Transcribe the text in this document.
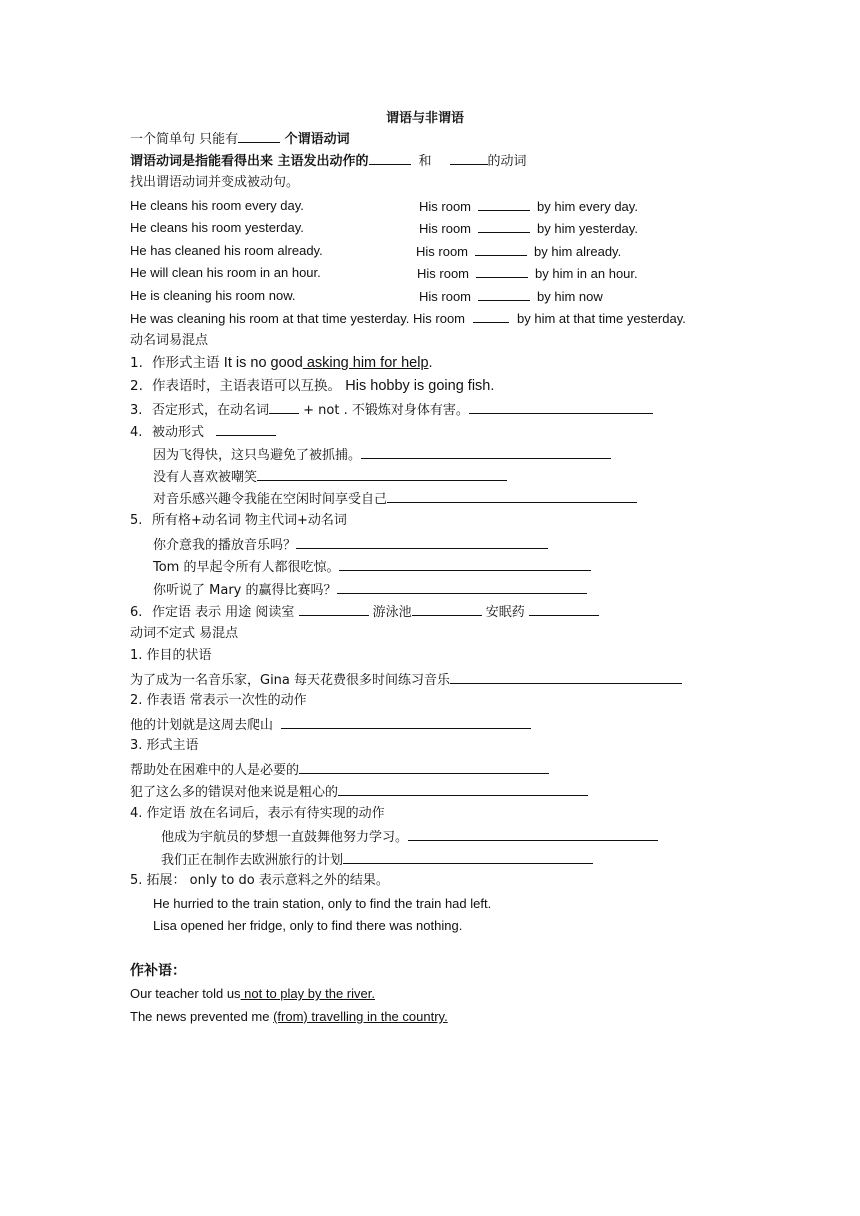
谓语与非谓语
一个简单句 只能有	个谓语动词
谓语动词是指能看得出来 主语发出动作的	和	的动词
找出谓语动词并变成被动句。
He cleans his room every day.	His room	by him every day.
He cleans his room yesterday.	His room	by him yesterday.
He has cleaned his room already.	His room	by him already.
He will clean his room in an hour.	His room	by him in an hour.
He is cleaning his room now.	His room	by him now
He was cleaning his room at that time yesterday. His room	by him at that time yesterday.
动名词易混点
1. 作形式主语 It is no good asking him for help.
2. 作表语时，主语表语可以互换。 His hobby is going fish.
3. 否定形式，在动名词 + not . 不锻炼对身体有害。
4. 被动形式
因为飞得快，这只鸟避免了被抓捕。
没有人喜欢被嘲笑
对音乐感兴趣令我能在空闲时间享受自己
5. 所有格+动名词 物主代词+动名词
你介意我的播放音乐吗？
Tom 的早起令所有人都很吃惊。
你听说了 Mary 的赢得比赛吗？
6. 作定语 表示 用途 阅读室	游泳池	安眠药
动词不定式 易混点
1. 作目的状语
为了成为一名音乐家，Gina 每天花费很多时间练习音乐
2. 作表语 常表示一次性的动作
他的计划就是这周去爬山
3. 形式主语
帮助处在困难中的人是必要的
犯了这么多的错误对他来说是粗心的
4. 作定语 放在名词后，表示有待实现的动作
他成为宇航员的梦想一直鼓舞他努力学习。
我们正在制作去欧洲旅行的计划
5. 拓展： only to do 表示意料之外的结果。
He hurried to the train station, only to find the train had left.
Lisa opened her fridge, only to find there was nothing.
作补语：
Our teacher told us not to play by the river.
The news prevented me (from) travelling in the country.
